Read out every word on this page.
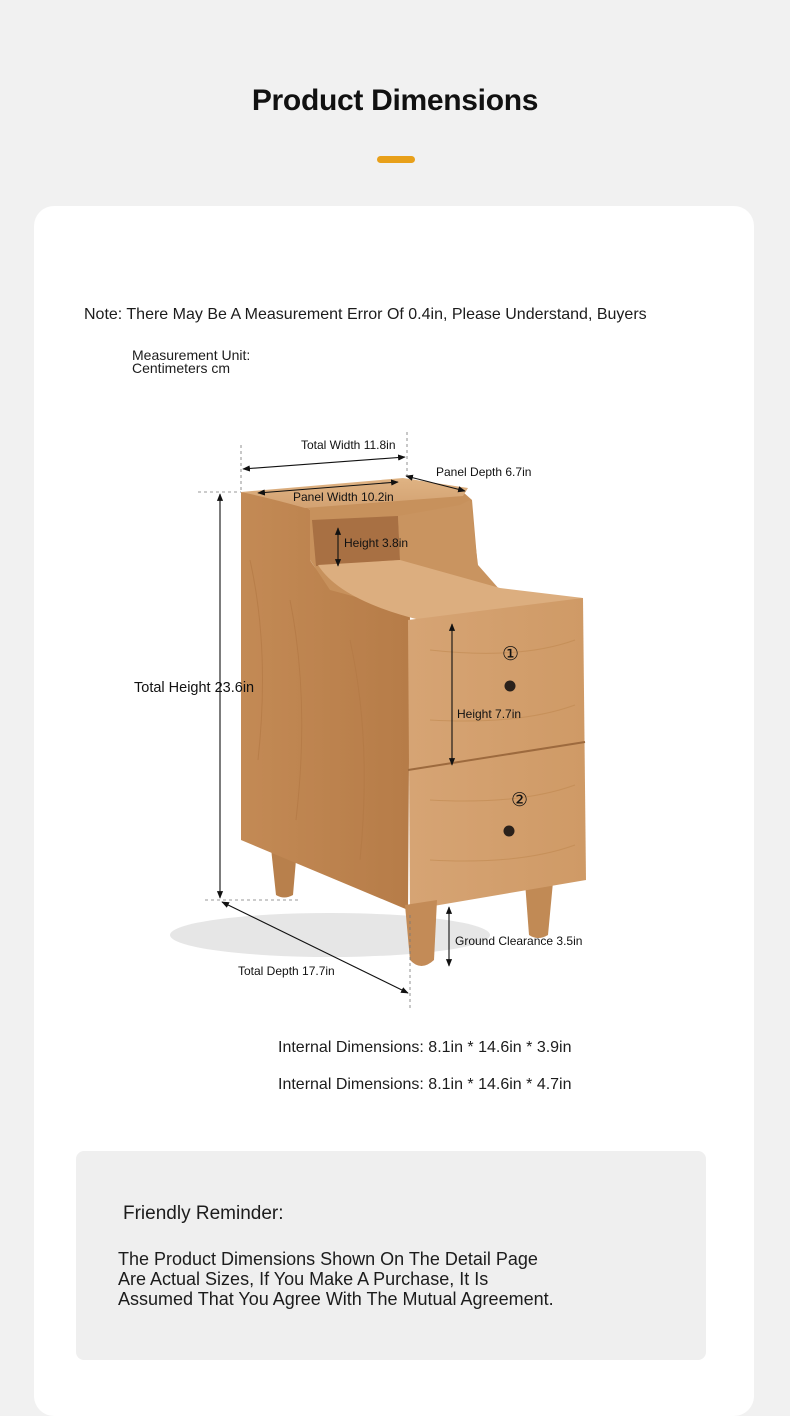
Product Dimensions
Note: There May Be A Measurement Error Of 0.4in, Please Understand, Buyers
Measurement Unit:
Centimeters cm
Total Width 11.8in
Panel Depth 6.7in
Panel Width 10.2in
Height 3.8in
Total Height 23.6in
Height 7.7in
Ground Clearance 3.5in
Total Depth 17.7in
①
②
Internal Dimensions: 8.1in * 14.6in * 3.9in
Internal Dimensions: 8.1in * 14.6in * 4.7in
Friendly Reminder:
The Product Dimensions Shown On The Detail Page
Are Actual Sizes, If You Make A Purchase, It Is
Assumed That You Agree With The Mutual Agreement.
